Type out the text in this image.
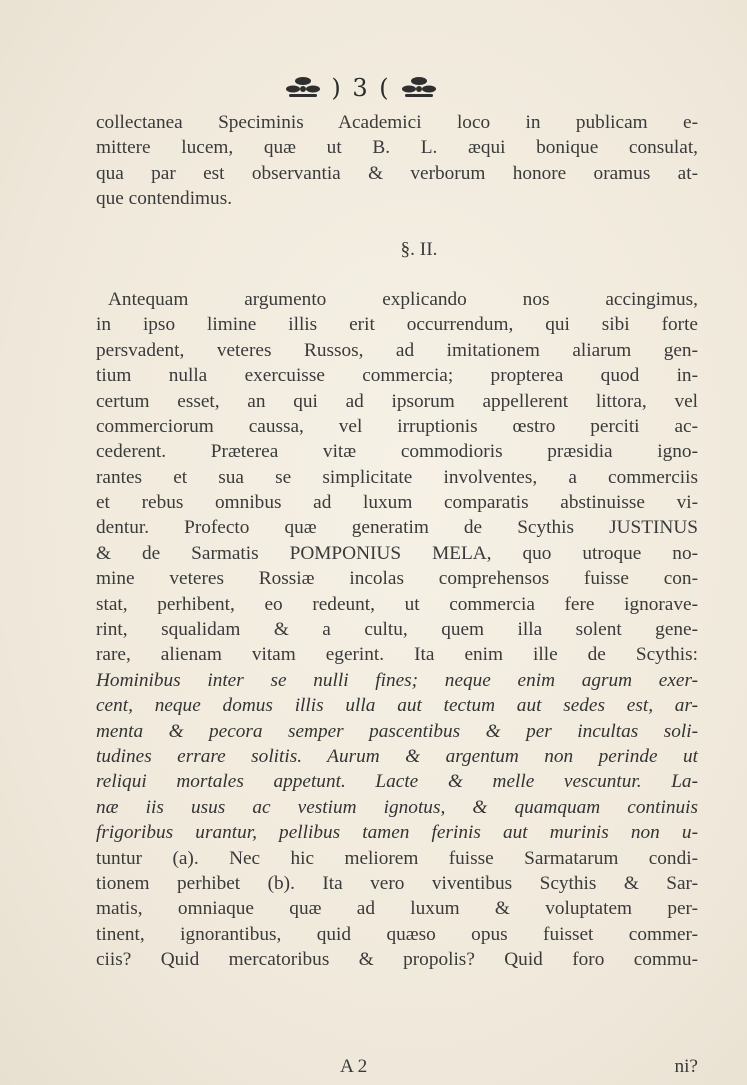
) 3 (
collectanea Speciminis Academici loco in publicam e-
mittere lucem, quæ ut B. L. æqui bonique consulat,
qua par est observantia & verborum honore oramus at-
que contendimus.
§. II.
Antequam argumento explicando nos accingimus,
in ipso limine illis erit occurrendum, qui sibi forte
persvadent, veteres Russos, ad imitationem aliarum gen-
tium nulla exercuisse commercia; propterea quod in-
certum esset, an qui ad ipsorum appellerent littora, vel
commerciorum caussa, vel irruptionis œstro perciti ac-
cederent. Præterea vitæ commodioris præsidia igno-
rantes et sua se simplicitate involventes, a commerciis
et rebus omnibus ad luxum comparatis abstinuisse vi-
dentur. Profecto quæ generatim de Scythis JUSTINUS
& de Sarmatis POMPONIUS MELA, quo utroque no-
mine veteres Rossiæ incolas comprehensos fuisse con-
stat, perhibent, eo redeunt, ut commercia fere ignorave-
rint, squalidam & a cultu, quem illa solent gene-
rare, alienam vitam egerint. Ita enim ille de Scythis:
Hominibus inter se nulli fines; neque enim agrum exer-
cent, neque domus illis ulla aut tectum aut sedes est, ar-
menta & pecora semper pascentibus & per incultas soli-
tudines errare solitis. Aurum & argentum non perinde ut
reliqui mortales appetunt. Lacte & melle vescuntur. La-
næ iis usus ac vestium ignotus, & quamquam continuis
frigoribus urantur, pellibus tamen ferinis aut murinis non u-
tuntur (a). Nec hic meliorem fuisse Sarmatarum condi-
tionem perhibet (b). Ita vero viventibus Scythis & Sar-
matis, omniaque quæ ad luxum & voluptatem per-
tinent, ignorantibus, quid quæso opus fuisset commer-
ciis? Quid mercatoribus & propolis? Quid foro commu-
A 2	ni?
